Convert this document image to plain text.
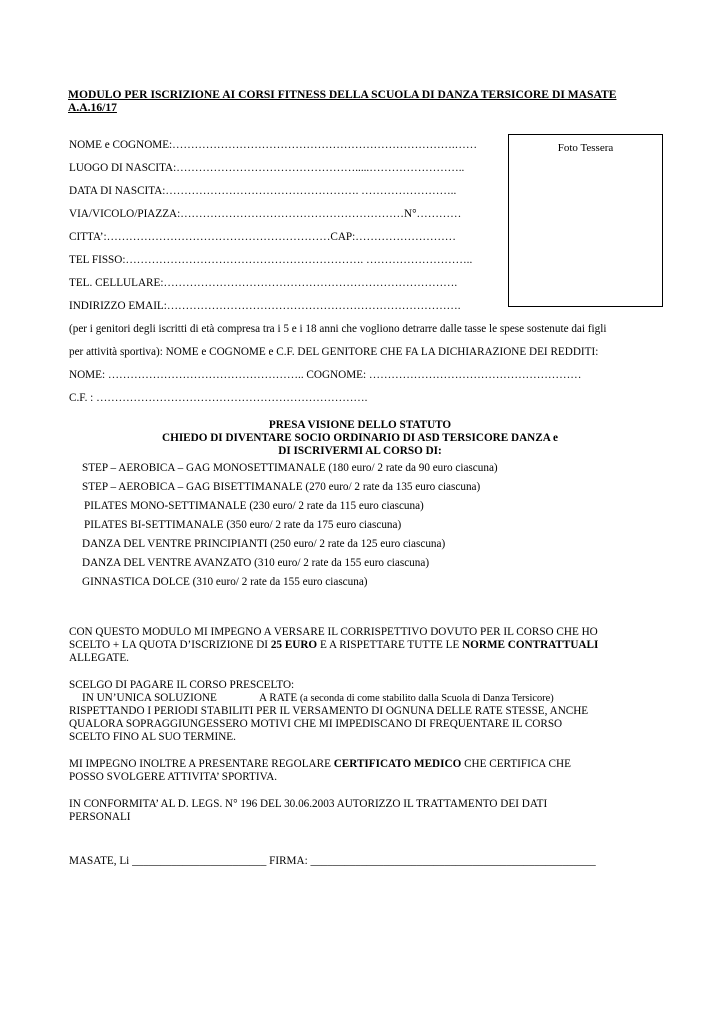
MODULO PER ISCRIZIONE AI CORSI FITNESS DELLA SCUOLA DI DANZA TERSICORE DI MASATE
A.A.16/17
Foto Tessera
NOME e COGNOME:………………………………………………………………….……
LUOGO DI NASCITA:………………………………………….....……………………..
DATA DI NASCITA:……………………………………………. ……………………..
VIA/VICOLO/PIAZZA:……………………………………………………N°…………
CITTA’:……………………………………………………CAP:………………………
TEL FISSO:………………………………………………………. ………………………..
TEL. CELLULARE:…………………………………………………………………….
INDIRIZZO EMAIL:…………………………………………………………………….
(per i genitori degli iscritti di età compresa tra i 5 e i 18 anni che vogliono detrarre dalle tasse le spese sostenute dai figli
per attività sportiva): NOME e COGNOME e C.F. DEL GENITORE CHE FA LA DICHIARAZIONE DEI REDDITI:
NOME: …………………………………………….. COGNOME: …………………………………………………
C.F. : ……………………………………………………………….
PRESA VISIONE DELLO STATUTO
CHIEDO DI DIVENTARE SOCIO ORDINARIO DI ASD TERSICORE DANZA e
DI ISCRIVERMI AL CORSO DI:
STEP – AEROBICA – GAG MONOSETTIMANALE (180 euro/ 2 rate da 90 euro ciascuna)
STEP – AEROBICA – GAG BISETTIMANALE (270 euro/ 2 rate da 135 euro ciascuna)
PILATES MONO-SETTIMANALE (230 euro/ 2 rate da 115 euro ciascuna)
PILATES BI-SETTIMANALE (350 euro/ 2 rate da 175 euro ciascuna)
DANZA DEL VENTRE PRINCIPIANTI (250 euro/ 2 rate da 125 euro ciascuna)
DANZA DEL VENTRE AVANZATO (310 euro/ 2 rate da 155 euro ciascuna)
GINNASTICA DOLCE (310 euro/ 2 rate da 155 euro ciascuna)
CON QUESTO MODULO MI IMPEGNO A VERSARE IL CORRISPETTIVO DOVUTO PER IL CORSO CHE HO
SCELTO + LA QUOTA D’ISCRIZIONE DI 25 EURO E A RISPETTARE TUTTE LE NORME CONTRATTUALI
ALLEGATE.
SCELGO DI PAGARE IL CORSO PRESCELTO:
IN UN’UNICA SOLUZIONE	A RATE (a seconda di come stabilito dalla Scuola di Danza Tersicore)
RISPETTANDO I PERIODI STABILITI PER IL VERSAMENTO DI OGNUNA DELLE RATE STESSE, ANCHE
QUALORA SOPRAGGIUNGESSERO MOTIVI CHE MI IMPEDISCANO DI FREQUENTARE IL CORSO
SCELTO FINO AL SUO TERMINE.
MI IMPEGNO INOLTRE A PRESENTARE REGOLARE CERTIFICATO MEDICO CHE CERTIFICA CHE
POSSO SVOLGERE ATTIVITA’ SPORTIVA.
IN CONFORMITA’ AL D. LEGS. N° 196 DEL 30.06.2003 AUTORIZZO IL TRATTAMENTO DEI DATI
PERSONALI
MASATE, Li ________________________ FIRMA: ___________________________________________________
